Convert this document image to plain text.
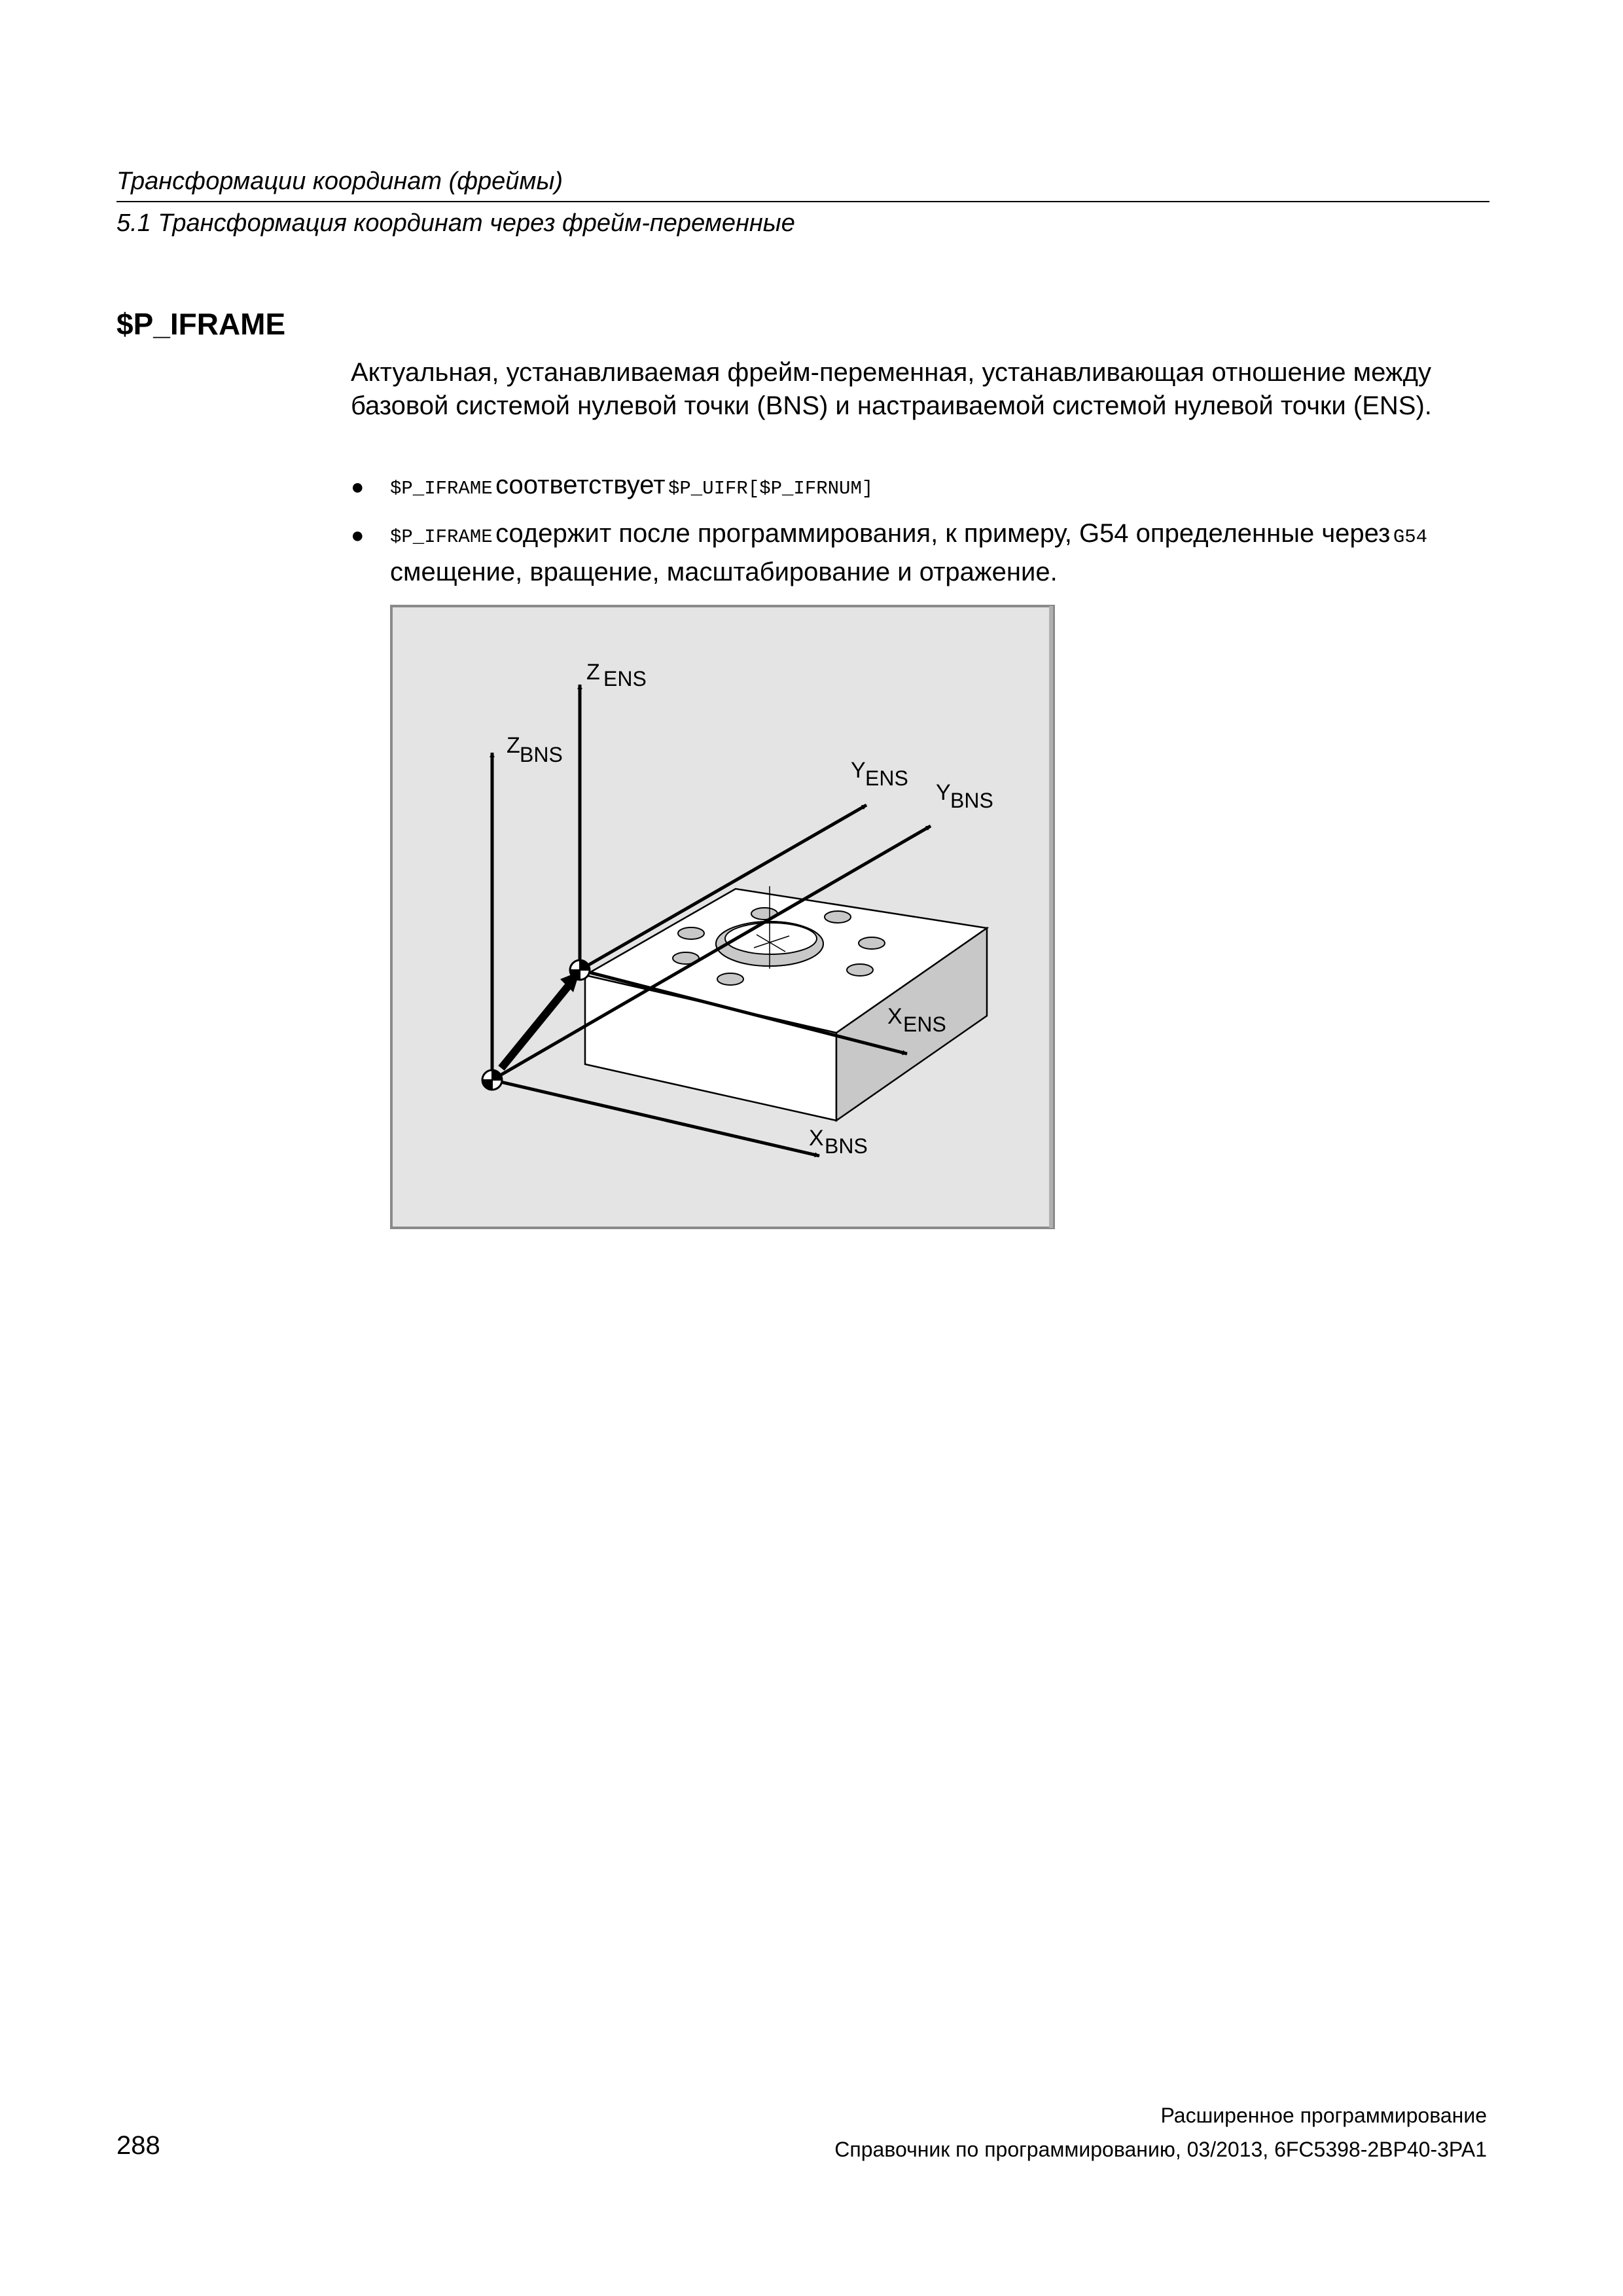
Трансформации координат (фреймы)
5.1 Трансформация координат через фрейм-переменные
$P_IFRAME
Актуальная, устанавливаемая фрейм-переменная, устанавливающая отношение между базовой системой нулевой точки (BNS) и настраиваемой системой нулевой точки (ENS).
● $P_IFRAME соответствует $P_UIFR[$P_IFRNUM]
● $P_IFRAME содержит после программирования, к примеру, G54 определенные через G54 смещение, вращение, масштабирование и отражение.
Z ENS
ZBNS
YENS
YBNS
XENS
XBNS
Расширенное программирование
288	Справочник по программированию, 03/2013, 6FC5398-2BP40-3PA1
